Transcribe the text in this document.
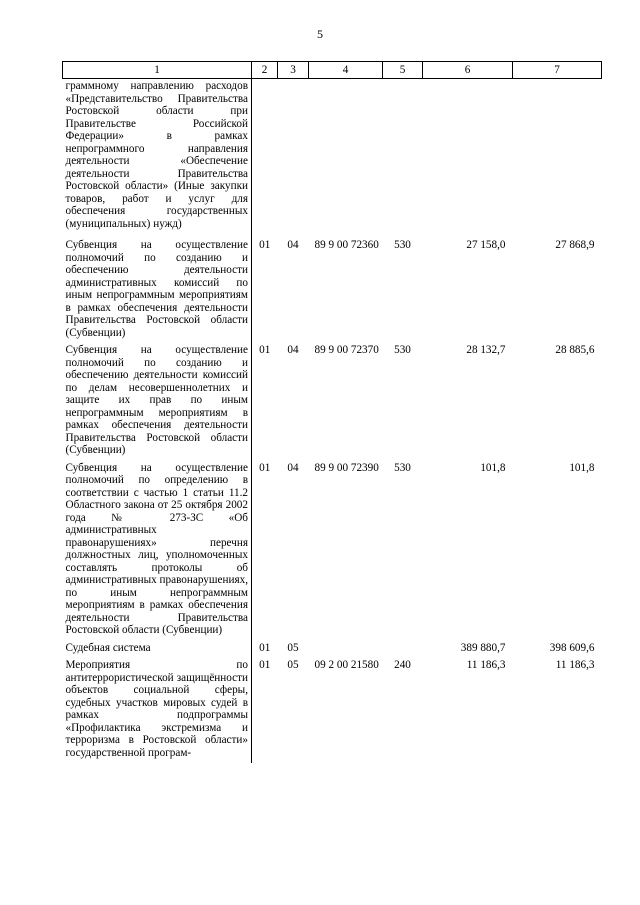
5
1	2	3	4	5	6	7
граммному направлению расходов «Представительство Правительства Ростовской области при Правительстве Российской Федерации» в рамках непрограммного направления деятельности «Обеспечение деятельности Правительства Ростовской области» (Иные закупки товаров, работ и услуг для обеспечения государственных (муниципальных) нужд)						
Субвенция на осуществление полномочий по созданию и обеспечению деятельности административных комиссий по иным непрограммным мероприятиям в рамках обеспечения деятельности Правительства Ростовской области (Субвенции)	01	04	89 9 00 72360	530	27 158,0	27 868,9
Субвенция на осуществление полномочий по созданию и обеспечению деятельности комиссий по делам несовершеннолетних и защите их прав по иным непрограммным мероприятиям в рамках обеспечения деятельности Правительства Ростовской области (Субвенции)	01	04	89 9 00 72370	530	28 132,7	28 885,6
Субвенция на осуществление полномочий по определению в соответствии с частью 1 статьи 11.2 Областного закона от 25 октября 2002 года № 273-ЗС «Об административных правонарушениях» перечня должностных лиц, уполномоченных составлять протоколы об административных правонарушениях, по иным непрограммным мероприятиям в рамках обеспечения деятельности Правительства Ростовской области (Субвенции)	01	04	89 9 00 72390	530	101,8	101,8
Судебная система	01	05			389 880,7	398 609,6
Мероприятия по антитеррористической защищённости объектов социальной сферы, судебных участков мировых судей в рамках подпрограммы «Профилактика экстремизма и терроризма в Ростовской области» государственной програм-	01	05	09 2 00 21580	240	11 186,3	11 186,3
